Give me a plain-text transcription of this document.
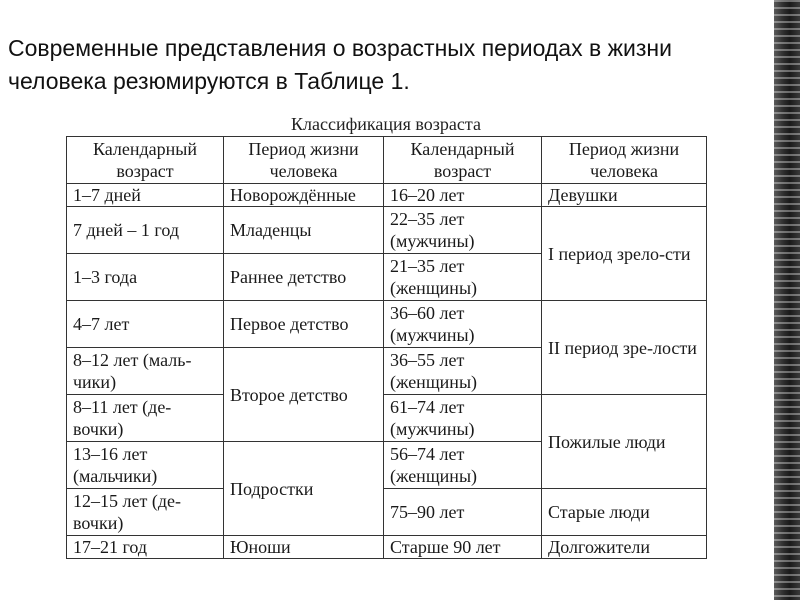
Современные представления о возрастных периодах в жизни
человека резюмируются в Таблице 1.
Классификация возраста
Календарный возраст	Период жизни человека	Календарный возраст	Период жизни человека
1–7 дней	Новорождённые	16–20 лет	Девушки
7 дней – 1 год	Младенцы	22–35 лет (мужчины)	I период зрело-сти
1–3 года	Раннее детство	21–35 лет (женщины)	
4–7 лет	Первое детство	36–60 лет (мужчины)	II период зре-лости
8–12 лет (маль-чики)	Второе детство	36–55 лет (женщины)	
8–11 лет (де-вочки)		61–74 лет (мужчины)	Пожилые люди
13–16 лет (мальчики)	Подростки	56–74 лет (женщины)	
12–15 лет (де-вочки)		75–90 лет	Старые люди
17–21 год	Юноши	Старше 90 лет	Долгожители
